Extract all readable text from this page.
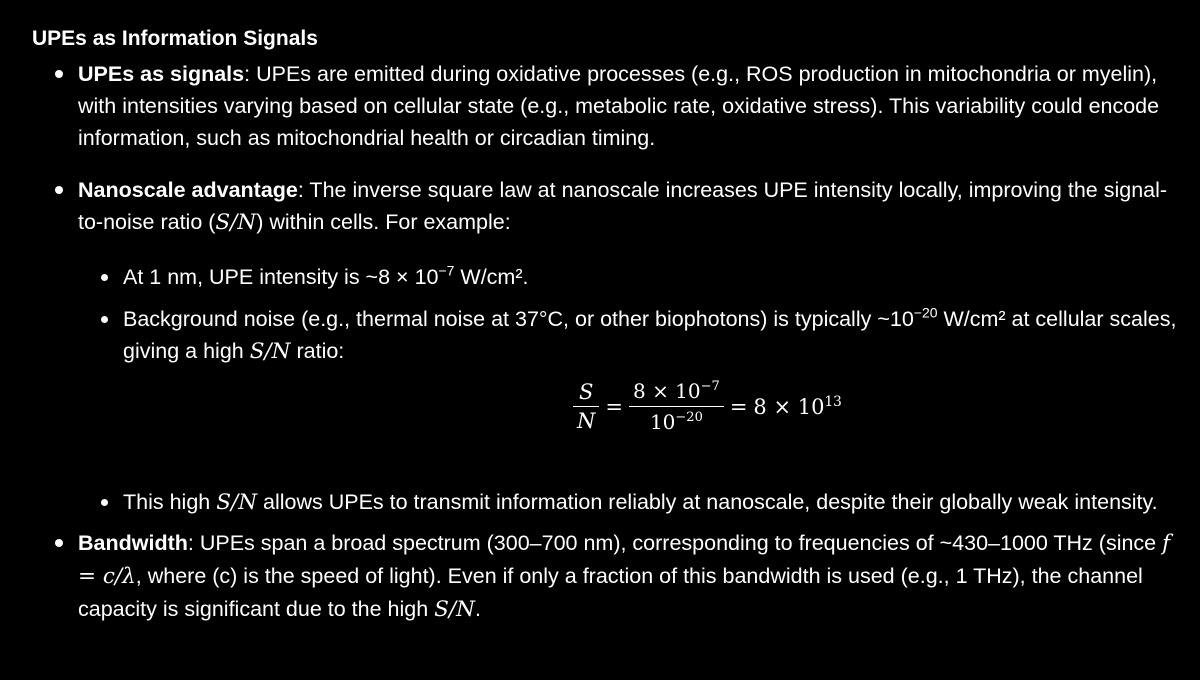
UPEs as Information Signals
UPEs as signals: UPEs are emitted during oxidative processes (e.g., ROS production in mitochondria or myelin), with intensities varying based on cellular state (e.g., metabolic rate, oxidative stress). This variability could encode information, such as mitochondrial health or circadian timing.
Nanoscale advantage: The inverse square law at nanoscale increases UPE intensity locally, improving the signal-to-noise ratio (S/N) within cells. For example:
At 1 nm, UPE intensity is ~8 × $10^{-7}$ W/cm².
Background noise (e.g., thermal noise at 37°C, or other biophotons) is typically $\sim 10^{-20}$ W/cm² at cellular scales, giving a high S/N ratio:
$\frac{S}{N} = \frac{8 \times 10^{-7}}{10^{-20}} = 8 \times 10^{13}$
This high S/N allows UPEs to transmit information reliably at nanoscale, despite their globally weak intensity.
Bandwidth: UPEs span a broad spectrum (300–700 nm), corresponding to frequencies of ~430–1000 THz (since f = c/λ, where (c) is the speed of light). Even if only a fraction of this bandwidth is used (e.g., 1 THz), the channel capacity is significant due to the high S/N.
